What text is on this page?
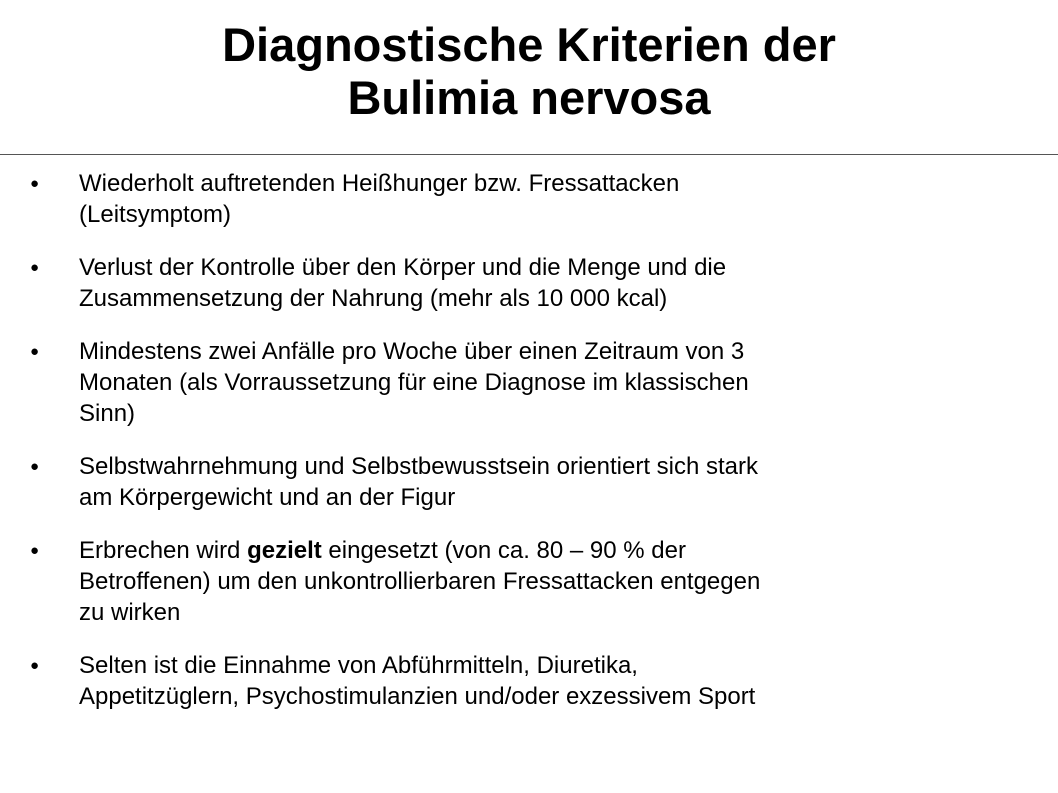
Diagnostische Kriterien der
Bulimia nervosa
●	Wiederholt auftretenden Heißhunger bzw. Fressattacken
(Leitsymptom)
●	Verlust der Kontrolle über den Körper und die Menge und die
Zusammensetzung der Nahrung (mehr als 10 000 kcal)
●	Mindestens zwei Anfälle pro Woche über einen Zeitraum von 3
Monaten (als Vorraussetzung für eine Diagnose im klassischen
Sinn)
●	Selbstwahrnehmung und Selbstbewusstsein orientiert sich stark
am Körpergewicht und an der Figur
●	Erbrechen wird gezielt eingesetzt (von ca. 80 – 90 % der
Betroffenen) um den unkontrollierbaren Fressattacken entgegen
zu wirken
●	Selten ist die Einnahme von Abführmitteln, Diuretika,
Appetitzüglern, Psychostimulanzien und/oder exzessivem Sport
